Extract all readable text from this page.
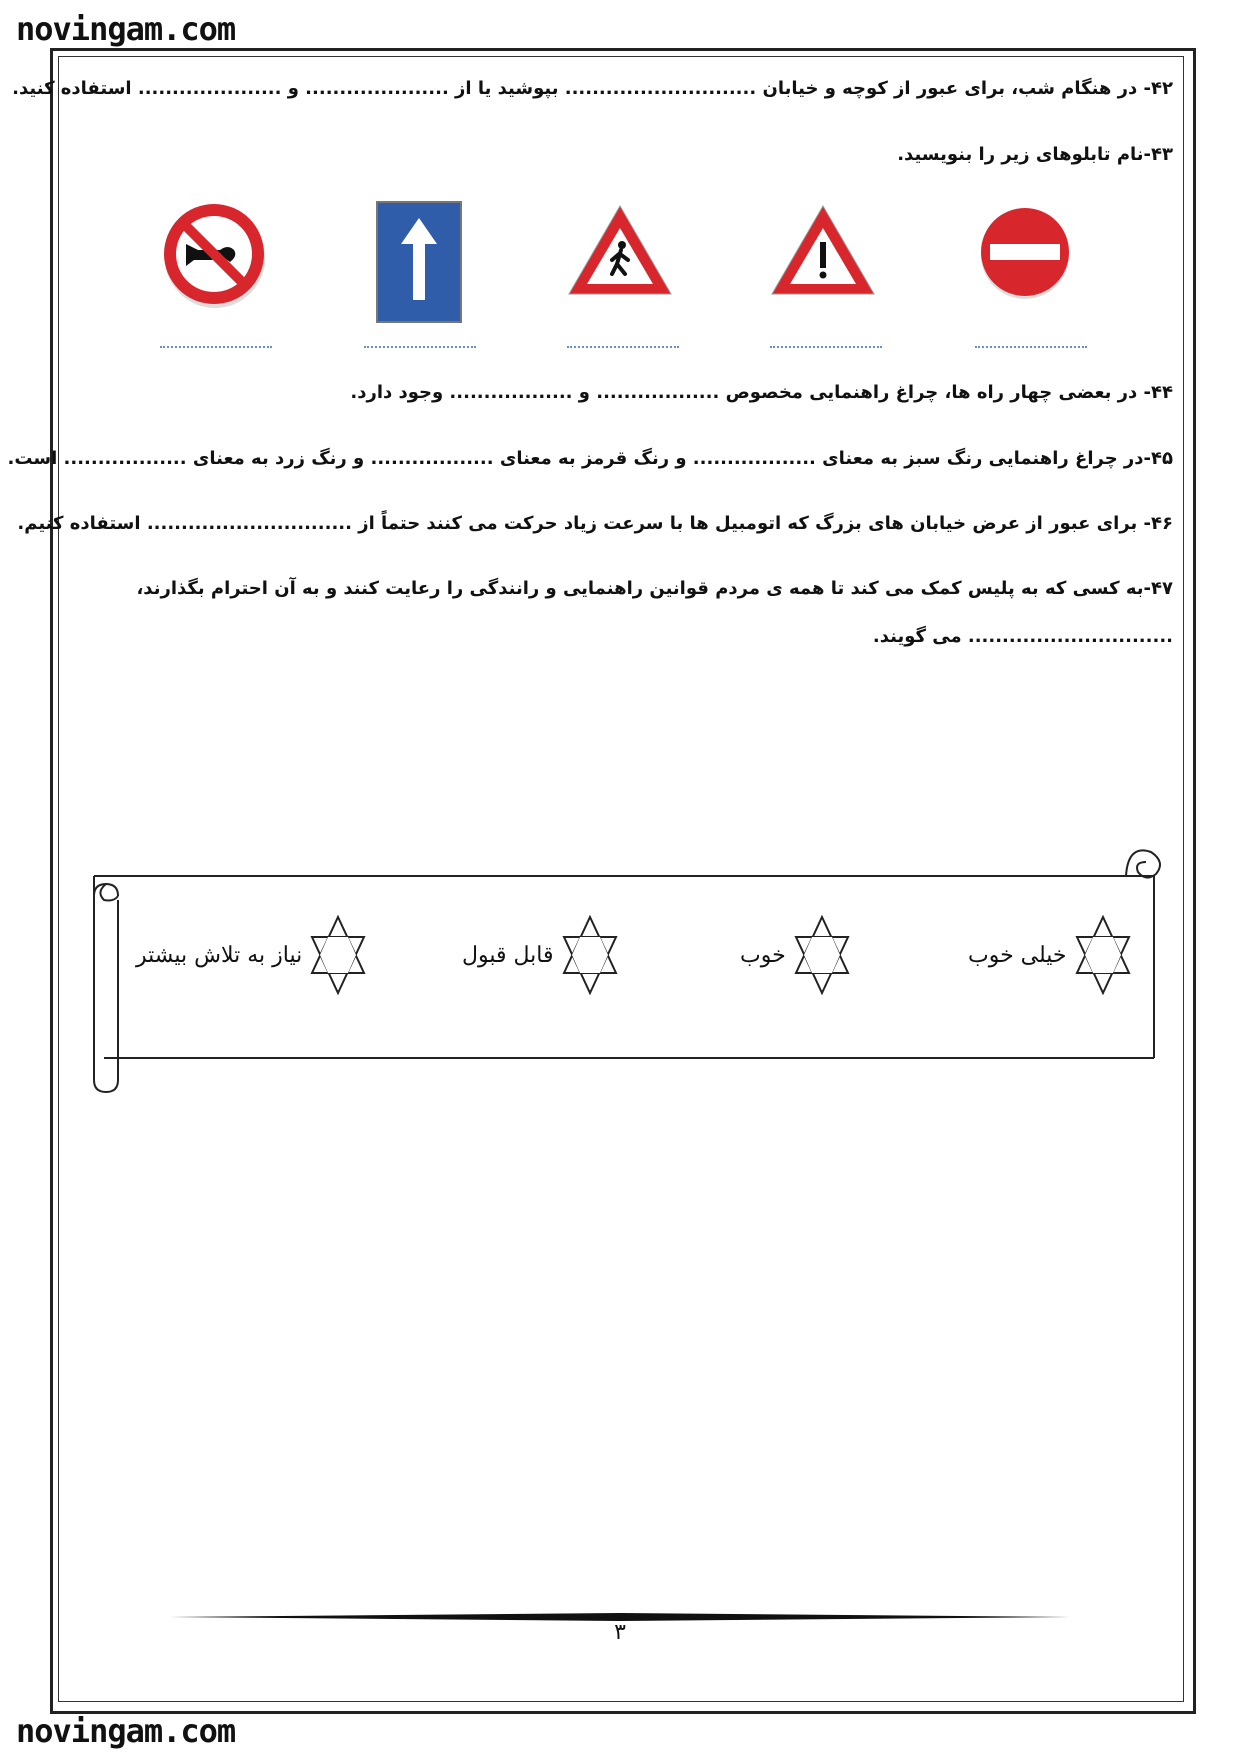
novingam.com
۴۲- در هنگام شب، برای عبور از کوچه و خیابان ............................ بپوشید یا از ..................... و ..................... استفاده کنید.
۴۳-نام تابلوهای زیر را بنویسید.
۴۴- در بعضی چهار راه ها، چراغ راهنمایی مخصوص .................. و .................. وجود دارد.
۴۵-در چراغ راهنمایی رنگ سبز به معنای .................. و رنگ قرمز به معنای .................. و رنگ زرد به معنای .................. است.
۴۶- برای عبور از عرض خیابان های بزرگ که اتومبیل ها با سرعت زیاد حرکت می کنند حتماً از .............................. استفاده کنیم.
۴۷-به کسی که به پلیس کمک می کند تا همه ی مردم قوانین راهنمایی و رانندگی را رعایت کنند و به آن احترام بگذارند،
.............................. می گویند.
خیلی خوب
خوب
قابل قبول
نیاز به تلاش بیشتر
۳
novingam.com
